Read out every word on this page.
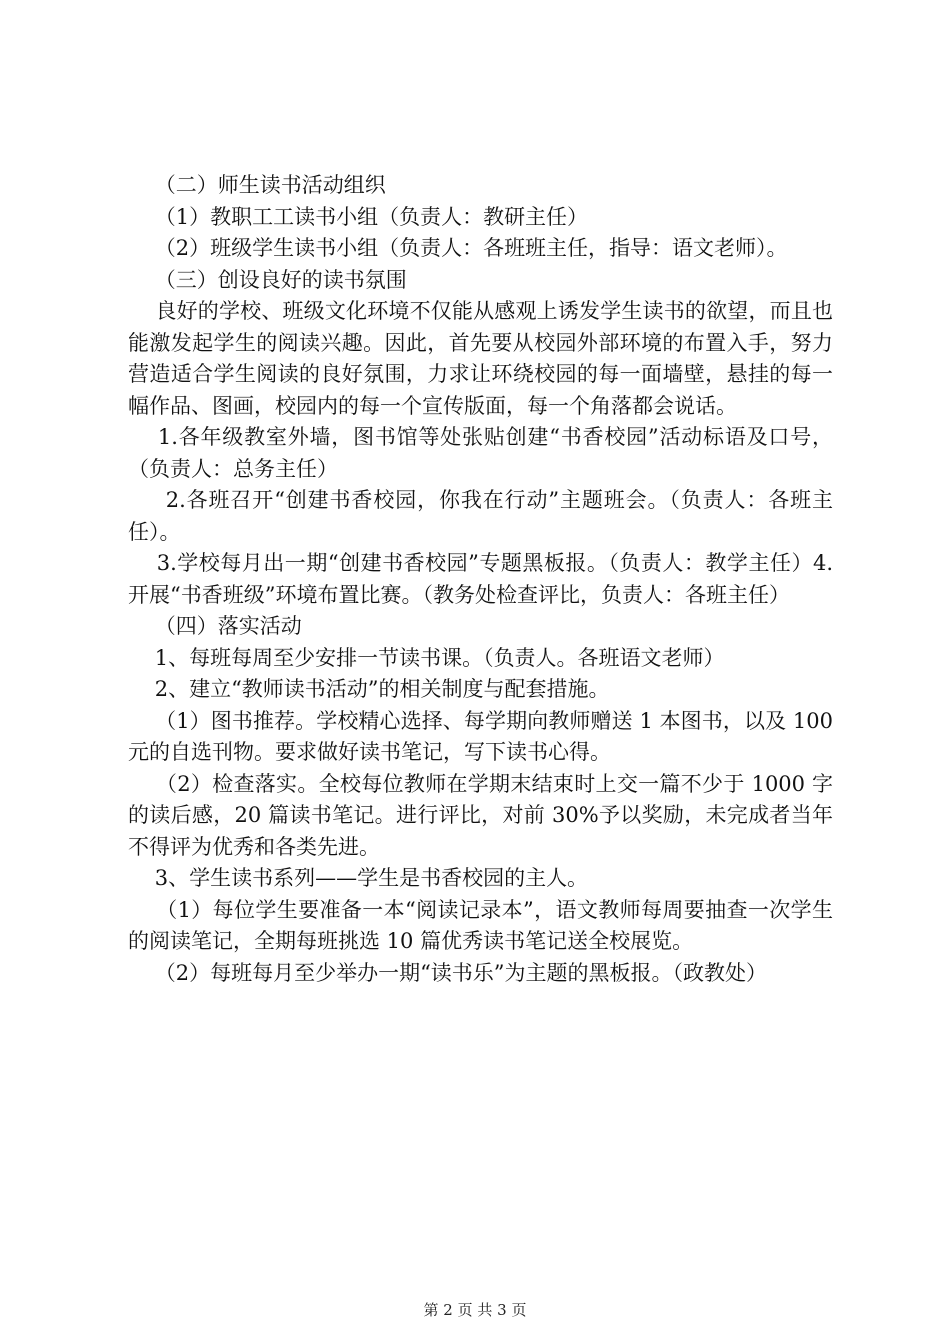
（二）师生读书活动组织

（1）教职工工读书小组（负责人：教研主任）

（2）班级学生读书小组（负责人：各班班主任，指导：语文老师）。

（三）创设良好的读书氛围

良好的学校、班级文化环境不仅能从感观上诱发学生读书的欲望，而且也能激发起学生的阅读兴趣。因此，首先要从校园外部环境的布置入手，努力营造适合学生阅读的良好氛围，力求让环绕校园的每一面墙壁，悬挂的每一幅作品、图画，校园内的每一个宣传版面，每一个角落都会说话。

1.各年级教室外墙，图书馆等处张贴创建“书香校园”活动标语及口号，（负责人：总务主任）

2.各班召开“创建书香校园，你我在行动”主题班会。（负责人：各班主任）。

3.学校每月出一期“创建书香校园”专题黑板报。（负责人：教学主任）4.开展“书香班级”环境布置比赛。（教务处检查评比，负责人：各班主任）

（四）落实活动

1、每班每周至少安排一节读书课。（负责人。各班语文老师）

2、建立“教师读书活动”的相关制度与配套措施。

（1）图书推荐。学校精心选择、每学期向教师赠送 1 本图书，以及 100 元的自选刊物。要求做好读书笔记，写下读书心得。

（2）检查落实。全校每位教师在学期末结束时上交一篇不少于 1000 字的读后感，20 篇读书笔记。进行评比，对前 30%予以奖励，未完成者当年不得评为优秀和各类先进。

3、学生读书系列——学生是书香校园的主人。

（1）每位学生要准备一本“阅读记录本”，语文教师每周要抽查一次学生的阅读笔记，全期每班挑选 10 篇优秀读书笔记送全校展览。

（2）每班每月至少举办一期“读书乐”为主题的黑板报。（政教处）

第 2 页 共 3 页
